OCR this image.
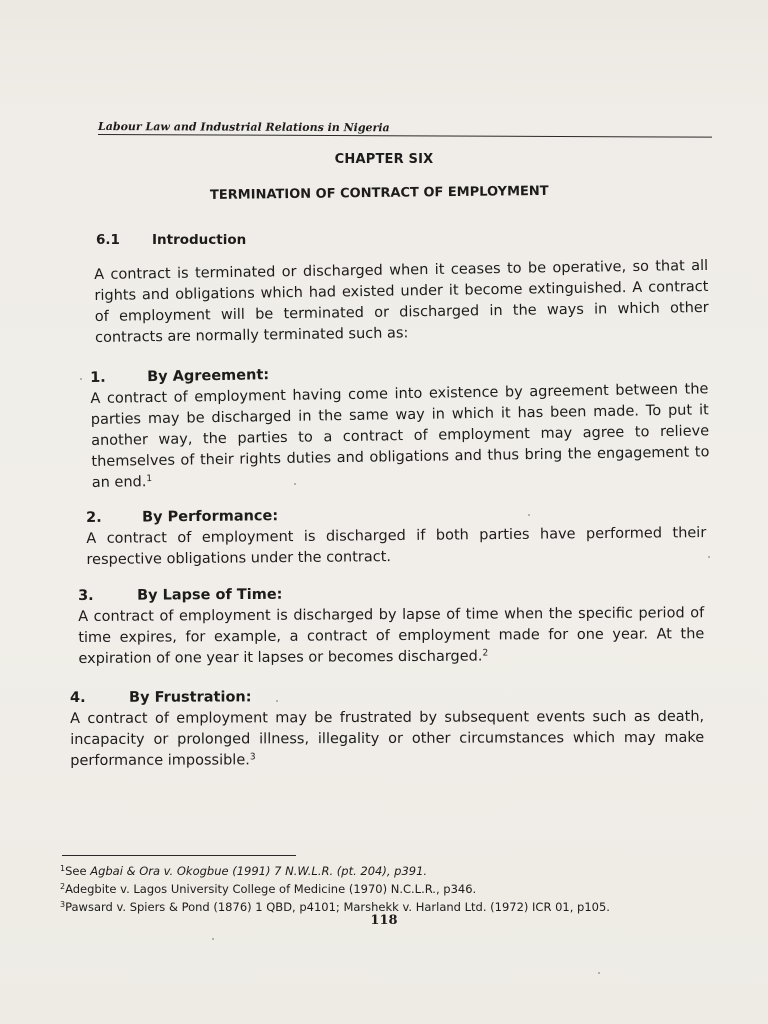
Labour Law and Industrial Relations in Nigeria
CHAPTER SIX
TERMINATION OF CONTRACT OF EMPLOYMENT
6.1 Introduction
A contract is terminated or discharged when it ceases to be operative, so that all rights and obligations which had existed under it become extinguished. A contract of employment will be terminated or discharged in the ways in which other contracts are normally terminated such as:
1.	By Agreement:
A contract of employment having come into existence by agreement between the parties may be discharged in the same way in which it has been made. To put it another way, the parties to a contract of employment may agree to relieve themselves of their rights duties and obligations and thus bring the engagement to an end.$^1$
2.	By Performance:
A contract of employment is discharged if both parties have performed their respective obligations under the contract.
3.	By Lapse of Time:
A contract of employment is discharged by lapse of time when the specific period of time expires, for example, a contract of employment made for one year. At the expiration of one year it lapses or becomes discharged.$^2$
4.	By Frustration:
A contract of employment may be frustrated by subsequent events such as death, incapacity or prolonged illness, illegality or other circumstances which may make performance impossible.$^3$
$^1$See Agbai & Ora v. Okogbue (1991) 7 N.W.L.R. (pt. 204), p391.
$^2$Adegbite v. Lagos University College of Medicine (1970) N.C.L.R., p346.
$^3$Pawsard v. Spiers & Pond (1876) 1 QBD, p4101; Marshekk v. Harland Ltd. (1972) ICR 01, p105.
118
